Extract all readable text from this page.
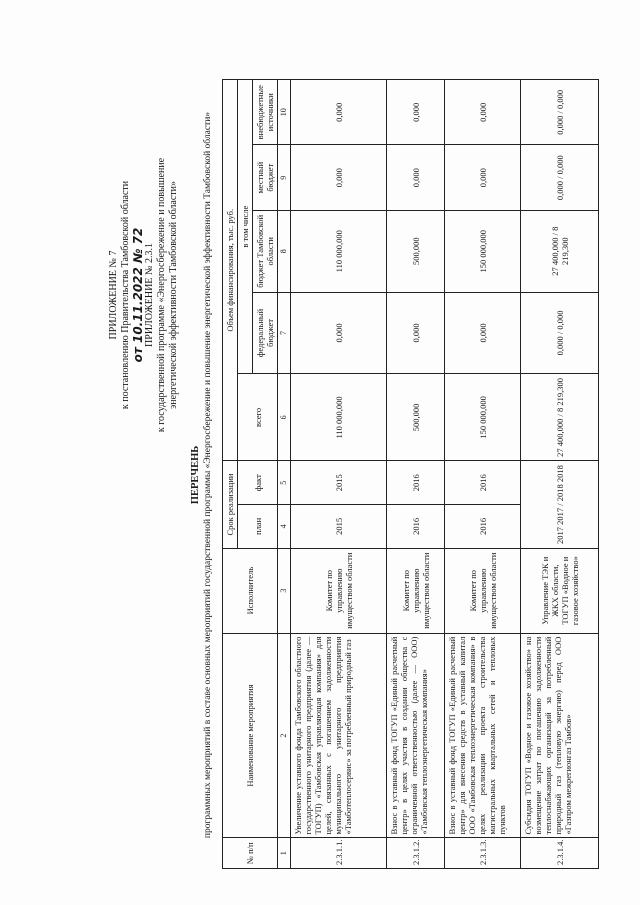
ПРИЛОЖЕНИЕ № 7 к постановлению Правительства Тамбовской области от 10.11.2022 № 72 ПРИЛОЖЕНИЕ № 2.3.1 к государственной программе «Энергосбережение и повышение энергетической эффективности Тамбовской области»
ПЕРЕЧЕНЬ программных мероприятий в составе основных мероприятий государственной программы «Энергосбережение и повышение энергетической эффективности Тамбовской области»
№ п/п	Наименование мероприятия	Исполнитель	Срок реализации		Объем финансирования, тыс. руб.				
			план	факт	всего	в том числе			
						федеральный бюджет	бюджет Тамбовской области	местный бюджет	внебюджетные источники
1	2	3	4	5	6	7	8	9	10
2.3.1.1.	Увеличение уставного фонда Тамбовского областного государственного унитарного предприятия (далее — ТОГУП) «Тамбовская управляющая компания» для целей, связанных с погашением задолженности муниципального унитарного предприятия «Тамботеплосервис» за потребленный природный газ	Комитет по управлению имуществом области	2015	2015	110 000,000	0,000	110 000,000	0,000	0,000
2.3.1.2.	Взнос в уставный фонд ТОГУП «Единый расчетный центр» в целях участия в создании общества с ограниченной ответственностью (далее — ООО) «Тамбовская теплоэнергетическая компания»	Комитет по управлению имуществом области	2016	2016	500,000	0,000	500,000	0,000	0,000
2.3.1.3.	Взнос в уставный фонд ТОГУП «Единый расчетный центр» для внесения средств в уставный капитал ООО «Тамбовская теплоэнергетическая компания» в целях реализации проекта строительства магистральных квартальных сетей и тепловых пунктов	Комитет по управлению имуществом области	2016	2016	150 000,000	0,000	150 000,000	0,000	0,000
2.3.1.4.	Субсидия ТОГУП «Водное и газовое хозяйство» на возмещение затрат по погашению задолженности теплоснабжающих организаций за потребленный природный газ (тепловую энергию) перед ООО «Газпром межрегионгаз Тамбов»	Управление ТЭК и ЖКХ области, ТОГУП «Водное и газовое хозяйство»	2017 2017 / 2018 2018		27 400,000 / 8 219,300	0,000 / 0,000	27 400,000 / 8 219,300	0,000 / 0,000	0,000 / 0,000
